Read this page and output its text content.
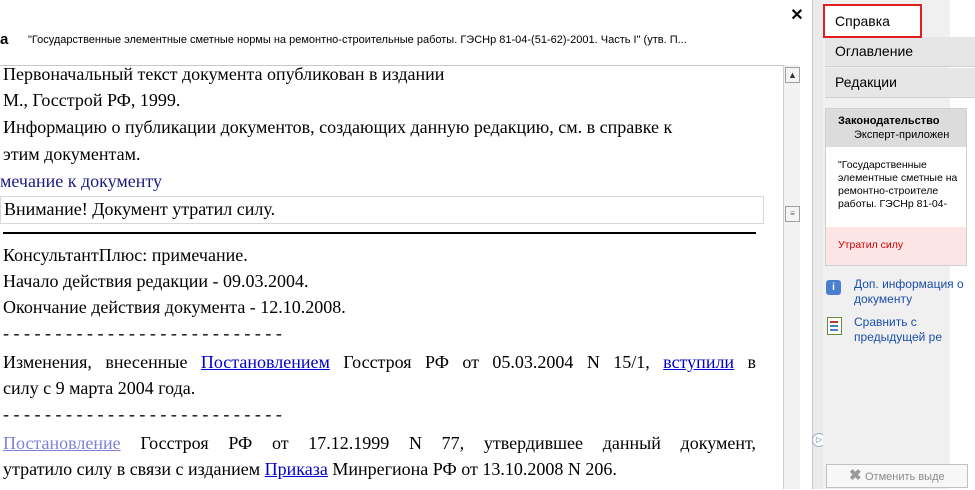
а "Государственные элементные сметные нормы на ремонтно-строительные работы. ГЭСНр 81-04-(51-62)-2001. Часть I" (утв. П...
✕
Первоначальный текст документа опубликован в издании
М., Госстрой РФ, 1999.
Информацию о публикации документов, создающих данную редакцию, см. в справке к
этим документам.
мечание к документу
Внимание! Документ утратил силу.
КонсультантПлюс: примечание.
Начало действия редакции - 09.03.2004.
Окончание действия документа - 12.10.2008.
- - - - - - - - - - - - - - - - - - - - - - - - - - -
Изменения, внесенные Постановлением Госстроя РФ от 05.03.2004 N 15/1, вступили в
силу с 9 марта 2004 года.
- - - - - - - - - - - - - - - - - - - - - - - - - - -
Постановление Госстроя РФ от 17.12.1999 N 77, утвердившее данный документ,
утратило силу в связи с изданием Приказа Минрегиона РФ от 13.10.2008 N 206.
▲
≡
▷
Оглавление
Редакции
Справка
Законодательство
Эксперт-приложен
"Государственные элементные сметные на ремонтно-строителе работы. ГЭСНр 81-04-
Утратил силу
i	Доп. информация о документу
Сравнить с предыдущей ре
✖ Отменить выде
